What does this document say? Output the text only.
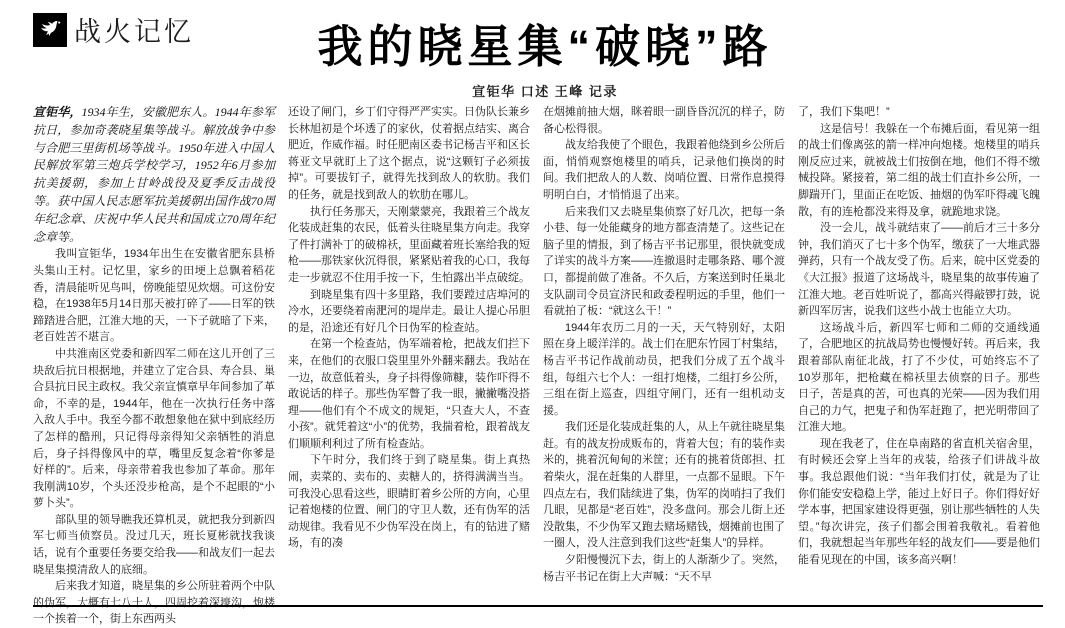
战火记忆	我的晓星集“破晓”路
宣钜华 口述 王峰 记录

宣钜华，1934年生，安徽肥东人。1944年参军抗日，参加奇袭晓星集等战斗。解放战争中参与合肥三里街机场等战斗。1950年进入中国人民解放军第三炮兵学校学习，1952年6月参加抗美援朝，参加上甘岭战役及夏季反击战役等。获中国人民志愿军抗美援朝出国作战70周年纪念章、庆祝中华人民共和国成立70周年纪念章等。

我叫宣钜华，1934年出生在安徽省肥东县桥头集山王村。记忆里，家乡的田埂上总飘着稻花香，清晨能听见鸟叫，傍晚能望见炊烟。可这份安稳，在1938年5月14日那天被打碎了——日军的铁蹄踏进合肥，江淮大地的天，一下子就暗了下来，老百姓苦不堪言。

中共淮南区党委和新四军二师在这儿开创了三块敌后抗日根据地，并建立了定合县、寿合县、巢合县抗日民主政权。我父亲宣慎章早年间参加了革命，不幸的是，1944年，他在一次执行任务中落入敌人手中。我至今都不敢想象他在狱中到底经历了怎样的酷刑，只记得母亲得知父亲牺牲的消息后，身子抖得像风中的草，嘴里反复念着“你爹是好样的”。后来，母亲带着我也参加了革命。那年我刚满10岁，个头还没步枪高，是个不起眼的“小萝卜头”。

部队里的领导瞧我还算机灵，就把我分到新四军七师当侦察员。没过几天，班长夏彬就找我谈话，说有个重要任务要交给我——和战友们一起去晓星集摸清敌人的底细。

后来我才知道，晓星集的乡公所驻着两个中队的伪军，大概有七八十人，四周挖着深壕沟，炮楼一个挨着一个，街上东西两头

还设了闸门，乡丁们守得严严实实。日伪队长兼乡长林旭初是个坏透了的家伙，仗着据点结实、离合肥近，作威作福。时任肥南区委书记杨吉平和区长蒋亚文早就盯上了这个据点，说“这颗钉子必须拔掉”。可要拔钉子，就得先找到敌人的软肋。我们的任务，就是找到敌人的软肋在哪儿。

执行任务那天，天刚蒙蒙亮，我跟着三个战友化装成赶集的农民，低着头往晓星集方向走。我穿了件打满补丁的破棉袄，里面藏着班长塞给我的短枪——那铁家伙沉得很，紧紧贴着我的心口，我每走一步就忍不住用手按一下，生怕露出半点破绽。

到晓星集有四十多里路，我们要蹚过店埠河的冷水，还要绕着南淝河的堤岸走。最让人提心吊胆的是，沿途还有好几个日伪军的检查站。

在第一个检查站，伪军端着枪，把战友们拦下来，在他们的衣服口袋里里外外翻来翻去。我站在一边，故意低着头，身子抖得像筛糠，装作吓得不敢说话的样子。那些伪军瞥了我一眼，撇撇嘴没搭理——他们有个不成文的规矩，“只查大人，不查小孩”。就凭着这“小”的优势，我揣着枪，跟着战友们顺顺利利过了所有检查站。

下午时分，我们终于到了晓星集。街上真热闹，卖菜的、卖布的、卖糖人的，挤得满满当当。可我没心思看这些，眼睛盯着乡公所的方向，心里记着炮楼的位置、闸门的守卫人数，还有伪军的活动规律。我看见不少伪军没在岗上，有的钻进了赌场，有的凑

在烟摊前抽大烟，眯着眼一副昏昏沉沉的样子，防备心松得很。

战友给我使了个眼色，我跟着他绕到乡公所后面，悄悄观察炮楼里的哨兵，记录他们换岗的时间。我们把敌人的人数、岗哨位置、日常作息摸得明明白白，才悄悄退了出来。

后来我们又去晓星集侦察了好几次，把每一条小巷、每一处能藏身的地方都查清楚了。这些记在脑子里的情报，到了杨吉平书记那里，很快就变成了详实的战斗方案——连撤退时走哪条路、哪个渡口，都提前做了准备。不久后，方案送到时任巢北支队副司令员宣济民和政委程明远的手里，他们一看就拍了板：“就这么干！”

1944年农历二月的一天，天气特别好，太阳照在身上暖洋洋的。战士们在肥东竹园丁村集结，杨吉平书记作战前动员，把我们分成了五个战斗组，每组六七个人：一组打炮楼，二组打乡公所，三组在街上巡查，四组守闸门，还有一组机动支援。

我们还是化装成赶集的人，从上午就往晓星集赶。有的战友扮成贩布的，背着大包；有的装作卖米的，挑着沉甸甸的米筐；还有的挑着货郎担、扛着柴火，混在赶集的人群里，一点都不显眼。下午四点左右，我们陆续进了集，伪军的岗哨扫了我们几眼，见都是“老百姓”，没多盘问。那会儿街上还没散集，不少伪军又跑去赌场赌钱，烟摊前也围了一圈人，没人注意到我们这些“赶集人”的异样。

夕阳慢慢沉下去，街上的人渐渐少了。突然，杨吉平书记在街上大声喊：“天不早

了，我们下集吧！”

这是信号！我躲在一个布摊后面，看见第一组的战士们像离弦的箭一样冲向炮楼。炮楼里的哨兵刚反应过来，就被战士们按倒在地，他们不得不缴械投降。紧接着，第二组的战士们直扑乡公所，一脚踹开门，里面正在吃饭、抽烟的伪军吓得魂飞魄散，有的连枪都没来得及拿，就跪地求饶。

没一会儿，战斗就结束了——前后才三十多分钟，我们消灭了七十多个伪军，缴获了一大堆武器弹药，只有一个战友受了伤。后来，皖中区党委的《大江报》报道了这场战斗，晓星集的故事传遍了江淮大地。老百姓听说了，都高兴得敲锣打鼓，说新四军厉害，说我们这些小战士也能立大功。

这场战斗后，新四军七师和二师的交通线通了，合肥地区的抗战局势也慢慢好转。再后来，我跟着部队南征北战，打了不少仗，可始终忘不了10岁那年，把枪藏在棉袄里去侦察的日子。那些日子，苦是真的苦，可也真的光荣——因为我们用自己的力气，把鬼子和伪军赶跑了，把光明带回了江淮大地。

现在我老了，住在阜南路的省直机关宿舍里，有时候还会穿上当年的戎装，给孩子们讲战斗故事。我总跟他们说：“当年我们打仗，就是为了让你们能安安稳稳上学，能过上好日子。你们得好好学本事，把国家建设得更强，别让那些牺牲的人失望。”每次讲完，孩子们都会围着我敬礼。看着他们，我就想起当年那些年轻的战友们——要是他们能看见现在的中国，该多高兴啊！
